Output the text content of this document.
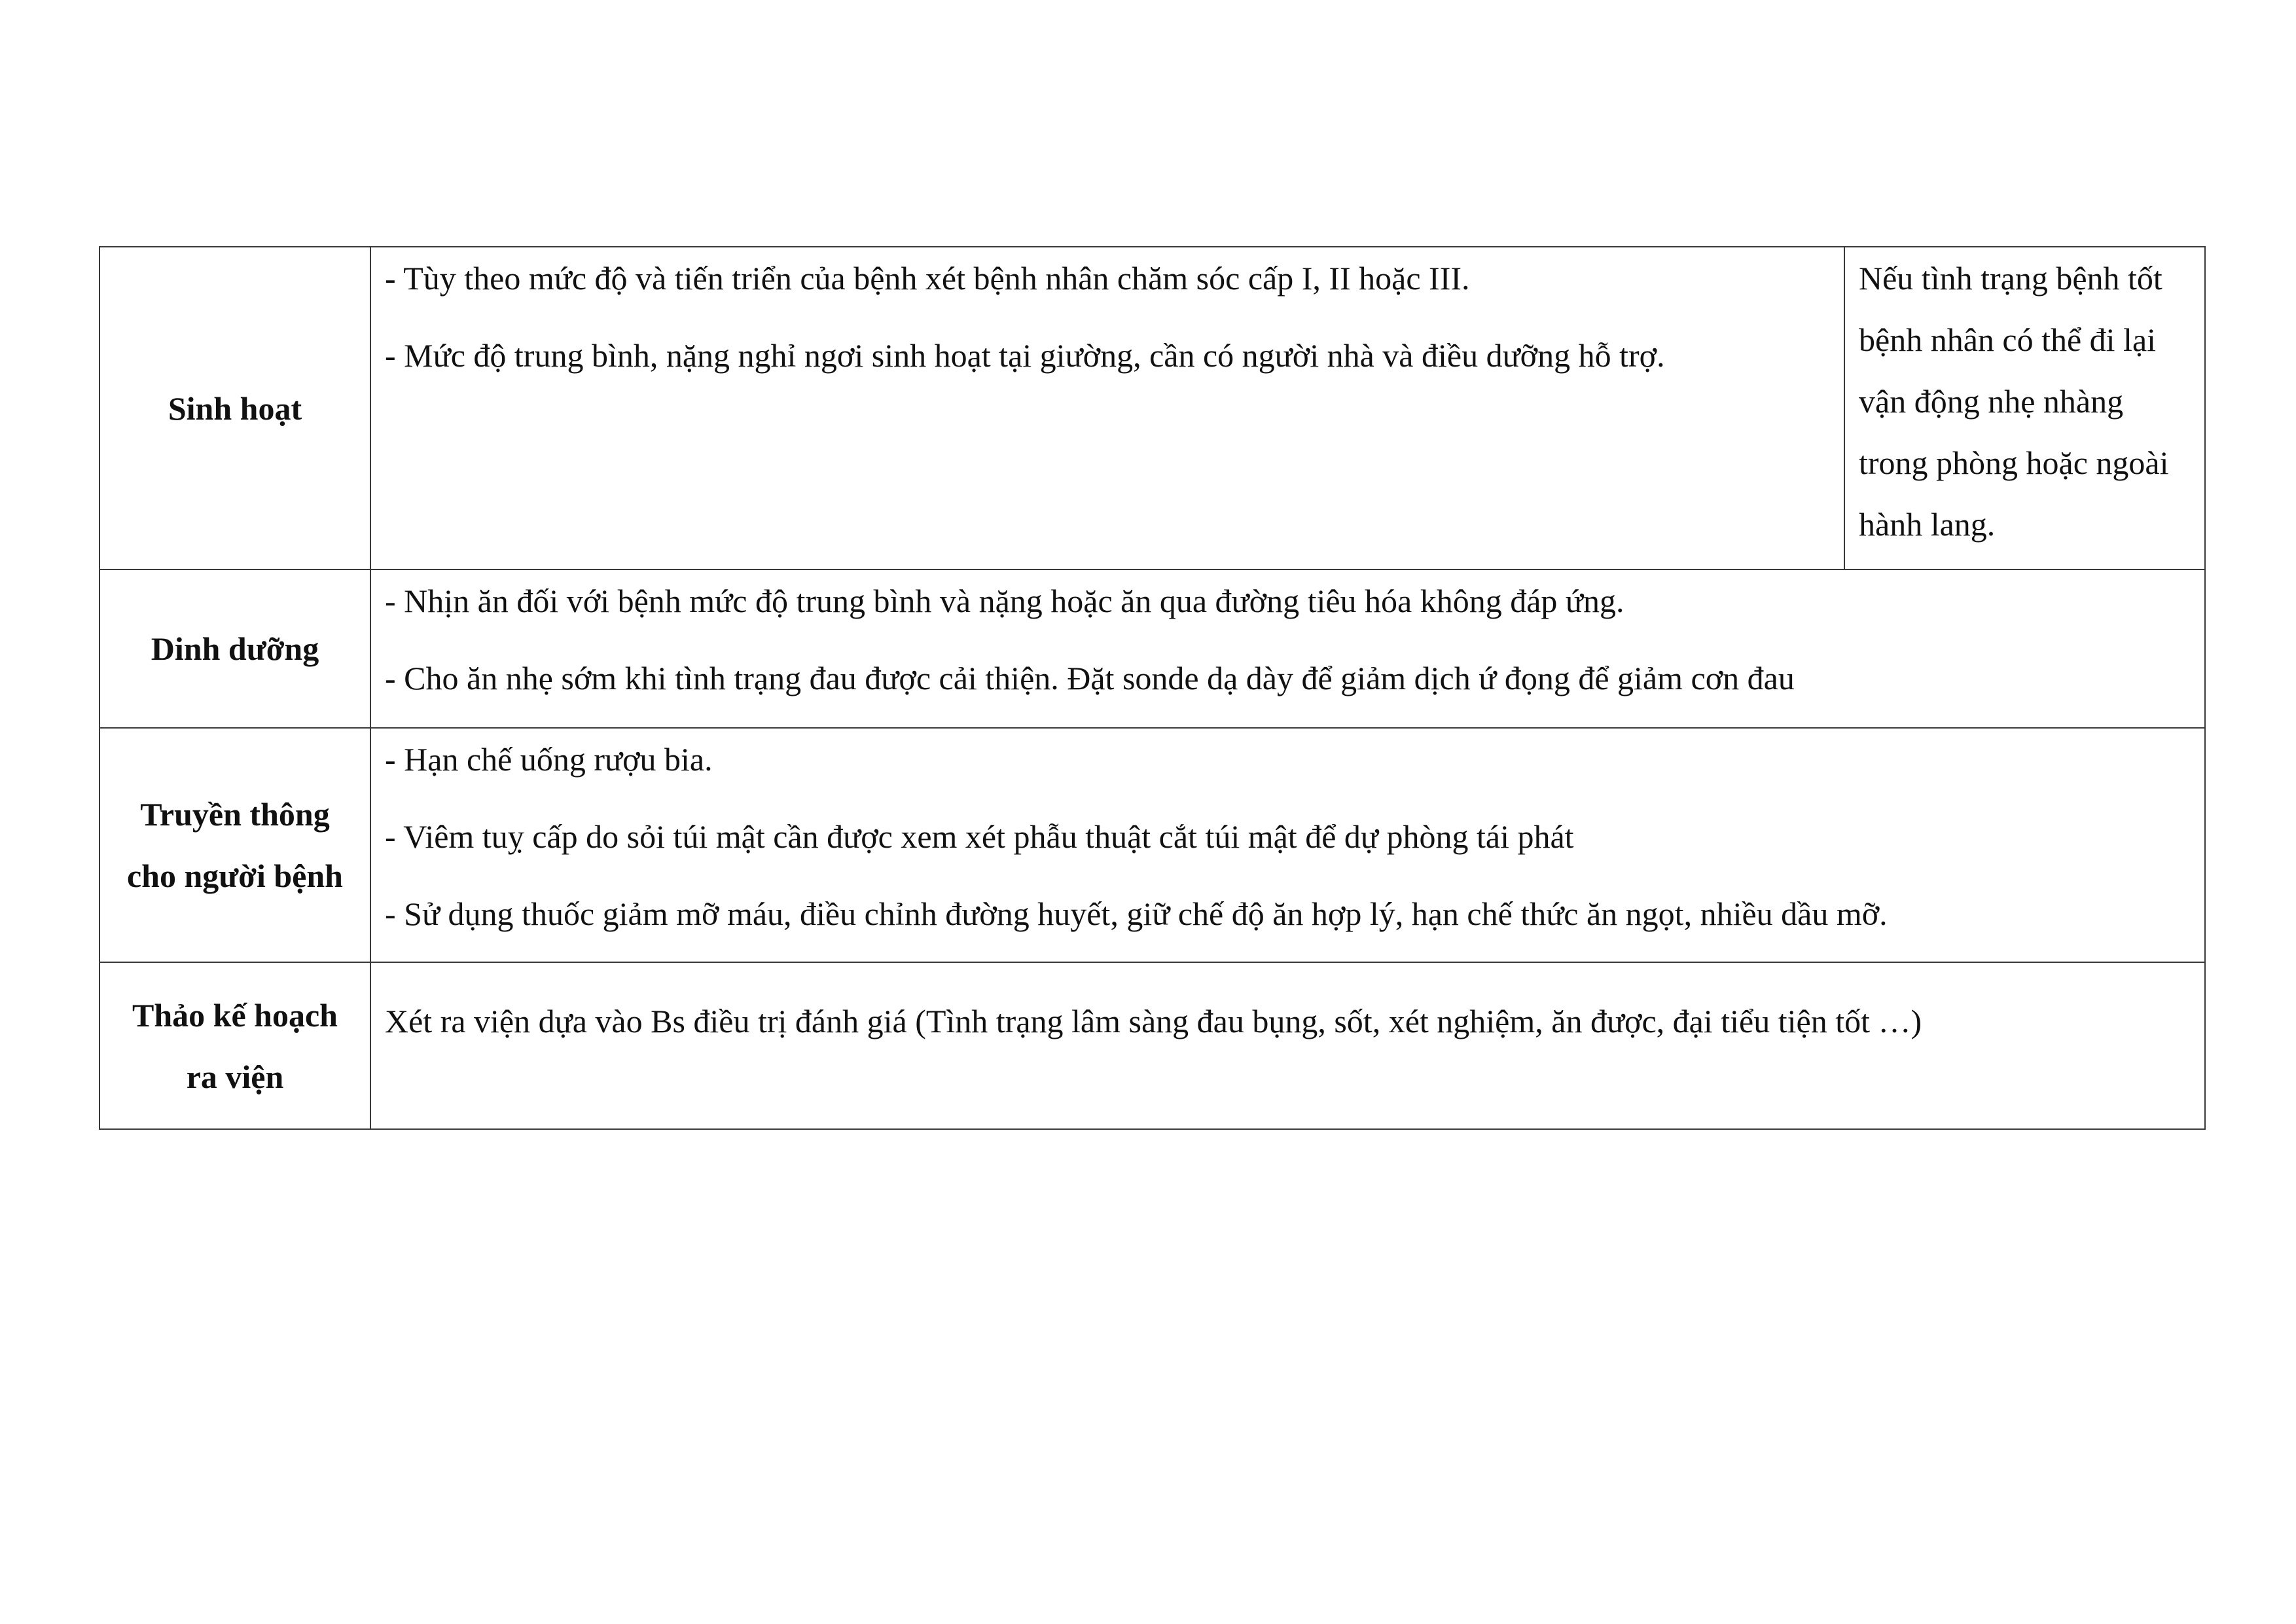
Sinh hoạt	- Tùy theo mức độ và tiến triển của bệnh xét bệnh nhân chăm sóc cấp I, II hoặc III.
- Mức độ trung bình, nặng nghỉ ngơi sinh hoạt tại giường, cần có người nhà và điều dưỡng hỗ trợ.	Nếu tình trạng bệnh tốt bệnh nhân có thể đi lại vận động nhẹ nhàng trong phòng hoặc ngoài hành lang.

Dinh dưỡng	- Nhịn ăn đối với bệnh mức độ trung bình và nặng hoặc ăn qua đường tiêu hóa không đáp ứng.
- Cho ăn nhẹ sớm khi tình trạng đau được cải thiện. Đặt sonde dạ dày để giảm dịch ứ đọng để giảm cơn đau	

Truyền thông
cho người bệnh	- Hạn chế uống rượu bia.
- Viêm tuỵ cấp do sỏi túi mật cần được xem xét phẫu thuật cắt túi mật để dự phòng tái phát
- Sử dụng thuốc giảm mỡ máu, điều chỉnh đường huyết, giữ chế độ ăn hợp lý, hạn chế thức ăn ngọt, nhiều dầu mỡ.	

Thảo kế hoạch
ra viện	Xét ra viện dựa vào Bs điều trị đánh giá (Tình trạng lâm sàng đau bụng, sốt, xét nghiệm, ăn được, đại tiểu tiện tốt …)	
